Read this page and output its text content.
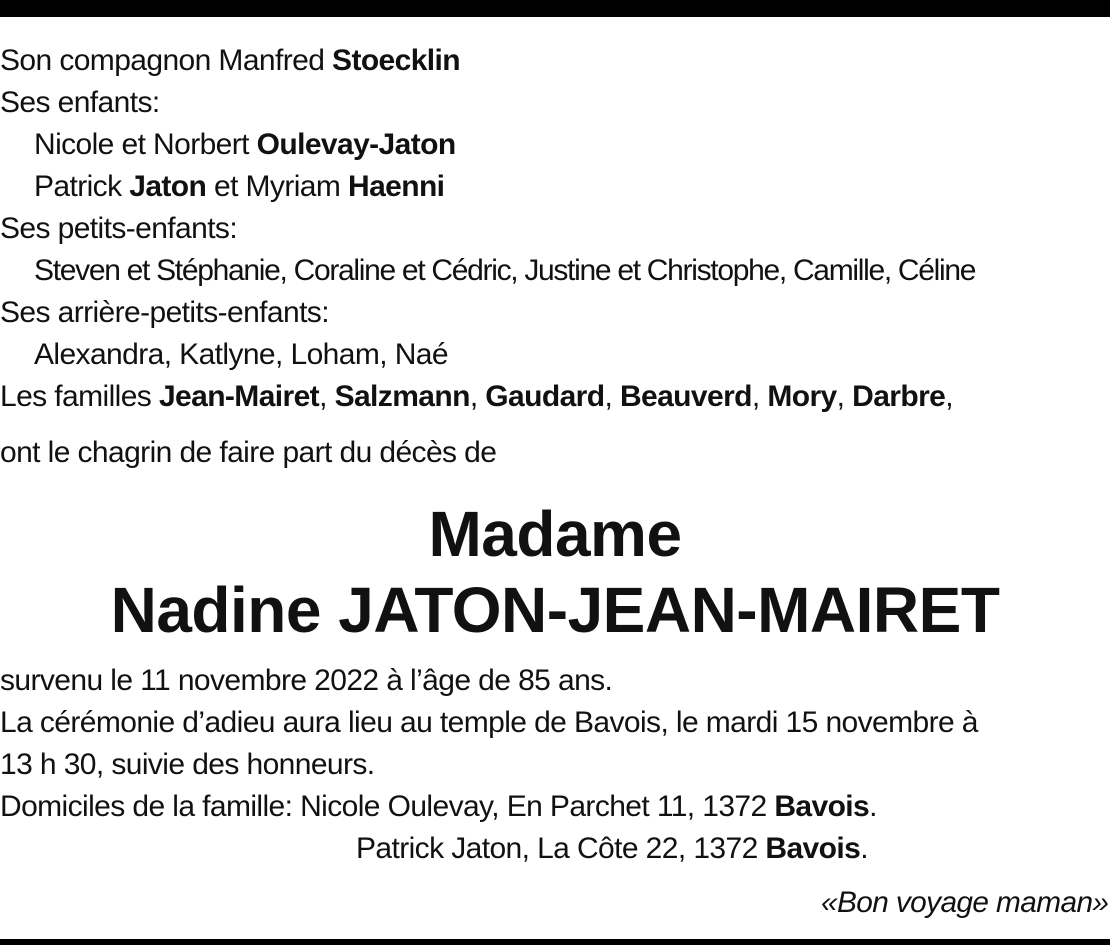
Son compagnon Manfred Stoecklin
Ses enfants:
Nicole et Norbert Oulevay-Jaton
Patrick Jaton et Myriam Haenni
Ses petits-enfants:
Steven et Stéphanie, Coraline et Cédric, Justine et Christophe, Camille, Céline
Ses arrière-petits-enfants:
Alexandra, Katlyne, Loham, Naé
Les familles Jean-Mairet, Salzmann, Gaudard, Beauverd, Mory, Darbre,
ont le chagrin de faire part du décès de
Madame
Nadine JATON-JEAN-MAIRET
survenu le 11 novembre 2022 à l’âge de 85 ans.
La cérémonie d’adieu aura lieu au temple de Bavois, le mardi 15 novembre à
13 h 30, suivie des honneurs.
Domiciles de la famille: Nicole Oulevay, En Parchet 11, 1372 Bavois.
Patrick Jaton, La Côte 22, 1372 Bavois.
«Bon voyage maman»
